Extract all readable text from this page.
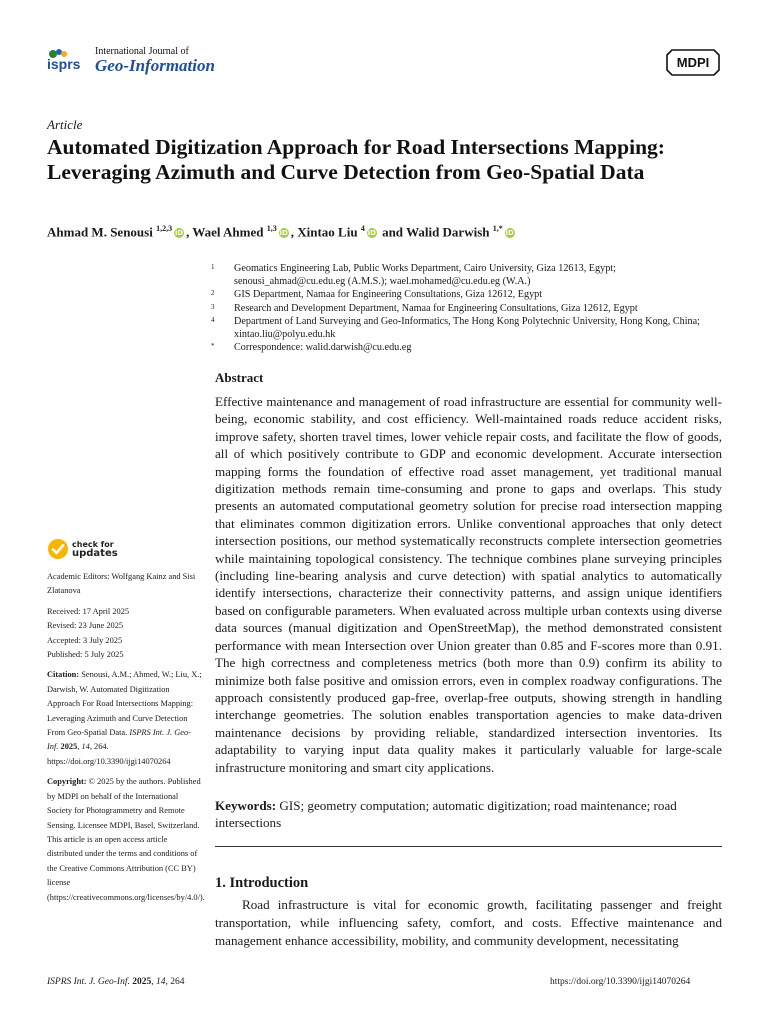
isprs
International Journal of
Geo-Information	MDPI
Article
Automated Digitization Approach for Road Intersections Mapping: Leveraging Azimuth and Curve Detection from Geo-Spatial Data
Ahmad M. Senousi $^{1,2,3}$iD , Wael Ahmed $^{1,3}$iD , Xintao Liu $^4$iD and Walid Darwish $^{1,*}$iD
1	Geomatics Engineering Lab, Public Works Department, Cairo University, Giza 12613, Egypt; senousi_ahmad@cu.edu.eg (A.M.S.); wael.mohamed@cu.edu.eg (W.A.)
2	GIS Department, Namaa for Engineering Consultations, Giza 12612, Egypt
3	Research and Development Department, Namaa for Engineering Consultations, Giza 12612, Egypt
4	Department of Land Surveying and Geo-Informatics, The Hong Kong Polytechnic University, Hong Kong, China; xintao.liu@polyu.edu.hk
*	Correspondence: walid.darwish@cu.edu.eg
Abstract
Effective maintenance and management of road infrastructure are essential for community well-being, economic stability, and cost efficiency. Well-maintained roads reduce accident risks, improve safety, shorten travel times, lower vehicle repair costs, and facilitate the flow of goods, all of which positively contribute to GDP and economic development. Accurate intersection mapping forms the foundation of effective road asset management, yet traditional manual digitization methods remain time-consuming and prone to gaps and overlaps. This study presents an automated computational geometry solution for precise road intersection mapping that eliminates common digitization errors. Unlike conventional approaches that only detect intersection positions, our method systematically reconstructs complete intersection geometries while maintaining topological consistency. The technique combines plane surveying principles (including line-bearing analysis and curve detection) with spatial analytics to automatically identify intersections, characterize their connectivity patterns, and assign unique identifiers based on configurable parameters. When evaluated across multiple urban contexts using diverse data sources (manual digitization and OpenStreetMap), the method demonstrated consistent performance with mean Intersection over Union greater than 0.85 and F-scores more than 0.91. The high correctness and completeness metrics (both more than 0.9) confirm its ability to minimize both false positive and omission errors, even in complex roadway configurations. The approach consistently produced gap-free, overlap-free outputs, showing strength in handling interchange geometries. The solution enables transportation agencies to make data-driven maintenance decisions by providing reliable, standardized intersection inventories. Its adaptability to varying input data quality makes it particularly valuable for large-scale infrastructure monitoring and smart city applications.
Keywords: GIS; geometry computation; automatic digitization; road maintenance; road intersections
1. Introduction
Road infrastructure is vital for economic growth, facilitating passenger and freight transportation, while influencing safety, comfort, and costs. Effective maintenance and management enhance accessibility, mobility, and community development, necessitating
check for
updates
Academic Editors: Wolfgang Kainz and Sisi Zlatanova
Received: 17 April 2025
Revised: 23 June 2025
Accepted: 3 July 2025
Published: 5 July 2025
Citation: Senousi, A.M.; Ahmed, W.; Liu, X.; Darwish, W. Automated Digitization Approach For Road Intersections Mapping: Leveraging Azimuth and Curve Detection From Geo-Spatial Data. ISPRS Int. J. Geo-Inf. 2025, 14, 264. https://doi.org/10.3390/ijgi14070264
Copyright: © 2025 by the authors. Published by MDPI on behalf of the International Society for Photogrammetry and Remote Sensing. Licensee MDPI, Basel, Switzerland. This article is an open access article distributed under the terms and conditions of the Creative Commons Attribution (CC BY) license (https://creativecommons.org/licenses/by/4.0/).
ISPRS Int. J. Geo-Inf. 2025, 14, 264	https://doi.org/10.3390/ijgi14070264
